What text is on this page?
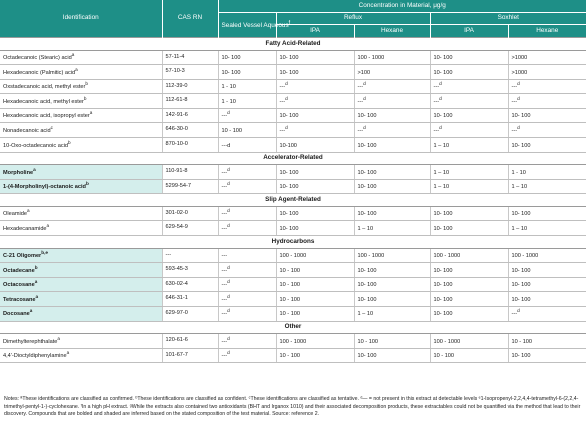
Identification	CAS RN	Concentration in Material, μg/g				
		Sealed Vessel Aqueous$^f$	Reflux		Soxhlet	
			IPA	Hexane	IPA	Hexane
Fatty Acid-Related						
Octadecanoic (Stearic) acid$^a$	57-11-4	10- 100	10- 100	100 - 1000	10- 100	>1000
Hexadecanoic (Palmitic) acid$^a$	57-10-3	10- 100	10- 100	>100	10- 100	>1000
Oxstadecanoic acid, methyl ester$^b$	112-39-0	1 - 10	---$^d$	---$^d$	---$^d$	---$^d$
Hexadecanoic acid, methyl ester$^b$	112-61-8	1 - 10	---$^d$	---$^d$	---$^d$	---$^d$
Hexadecanoic acid, isopropyl ester$^a$	142-91-6	---$^d$	10- 100	10- 100	10- 100	10- 100
Nonadecanoic acid$^c$	646-30-0	10 - 100	---$^d$	---$^d$	---$^d$	---$^d$
10-Oxo-octadecanoic acid$^b$	870-10-0	---d	10-100	10- 100	1 – 10	10- 100
Accelerator-Related						
Morpholine$^a$	110-91-8	---$^d$	10- 100	10- 100	1 – 10	1 - 10
1-(4-Morpholinyl)-octanoic acid$^b$	5299-54-7	---$^d$	10- 100	10- 100	1 – 10	1 – 10
Slip Agent-Related						
Oleamide$^a$	301-02-0	---$^d$	10- 100	10- 100	10- 100	10- 100
Hexadecanamide$^a$	629-54-9	---$^d$	10- 100	1 – 10	10- 100	1 – 10
Hydrocarbons						
C-21 Oligomer$^{b,e}$	---	---	100 - 1000	100 - 1000	100 - 1000	100 - 1000
Octadecane$^b$	593-45-3	---$^d$	10 - 100	10- 100	10- 100	10- 100
Octacosane$^a$	630-02-4	---$^d$	10 - 100	10- 100	10- 100	10- 100
Tetracosane$^a$	646-31-1	---$^d$	10 - 100	10- 100	10- 100	10- 100
Docosane$^a$	629-97-0	---$^d$	10 - 100	1 – 10	10- 100	---$^d$
Other						
Dimethylterephthalate$^a$	120-61-6	---$^d$	100 - 1000	10 - 100	100 - 1000	10 - 100
4,4'-Dioctyldiphenylamine$^a$	101-67-7	---$^d$	10 - 100	10- 100	10 - 100	10- 100
Notes: ªThese identifications are classified as confirmed. ᵇThese identifications are classified as confident. ᶜThese identifications are classified as tentative. ᵈ— = not present in this extract at detectable levels ᵉ1-Isopropenyl-2,2,4,4-tetramethyl-6-(2,2,4-trimethyl-pentyl-1-)-cyclohexane. ᶠIn a high pH extract. ᵍWhile the extracts also contained two antioxidants (BHT and Irganox 1010) and their associated decomposition products, these extractables could not be quantified via the method that lead to their discovery. Compounds that are bolded and shaded are inferred based on the stated composition of the test material. Source: reference 2.
